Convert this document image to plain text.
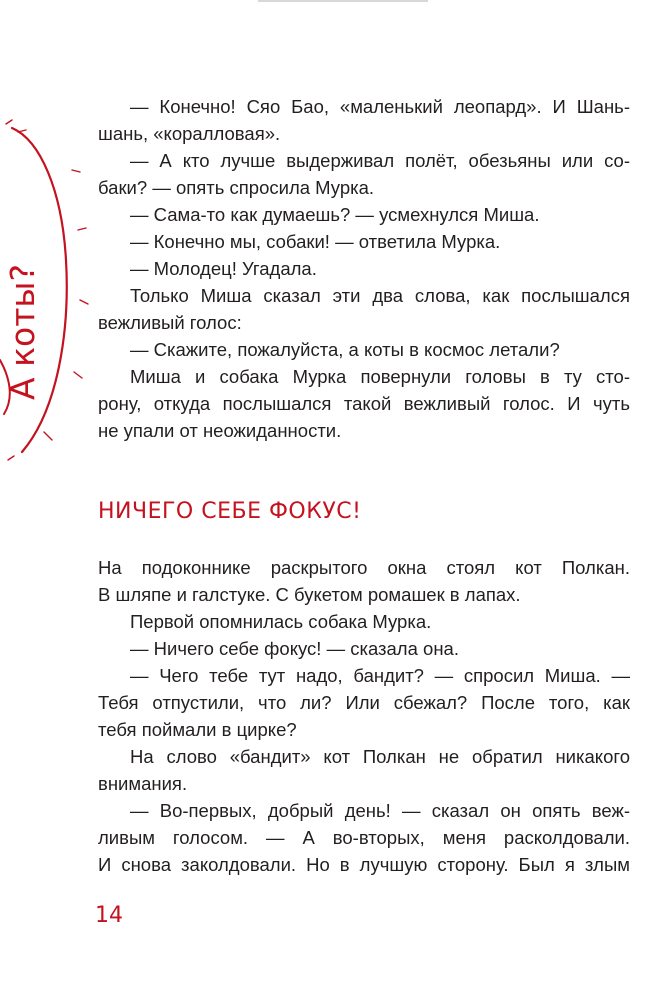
А коты?
— Конечно! Сяо Бао, «маленький леопард». И Шань-
шань, «коралловая».
— А кто лучше выдерживал полёт, обезьяны или со-
баки? — опять спросила Мурка.
— Сама-то как думаешь? — усмехнулся Миша.
— Конечно мы, собаки! — ответила Мурка.
— Молодец! Угадала.
Только Миша сказал эти два слова, как послышался
вежливый голос:
— Скажите, пожалуйста, а коты в космос летали?
Миша и собака Мурка повернули головы в ту сто-
рону, откуда послышался такой вежливый голос. И чуть
не упали от неожиданности.
НИЧЕГО СЕБЕ ФОКУС!
На подоконнике раскрытого окна стоял кот Полкан.
В шляпе и галстуке. С букетом ромашек в лапах.
Первой опомнилась собака Мурка.
— Ничего себе фокус! — сказала она.
— Чего тебе тут надо, бандит? — спросил Миша. —
Тебя отпустили, что ли? Или сбежал? После того, как
тебя поймали в цирке?
На слово «бандит» кот Полкан не обратил никакого
внимания.
— Во-первых, добрый день! — сказал он опять веж-
ливым голосом. — А во-вторых, меня расколдовали.
И снова заколдовали. Но в лучшую сторону. Был я злым
14
